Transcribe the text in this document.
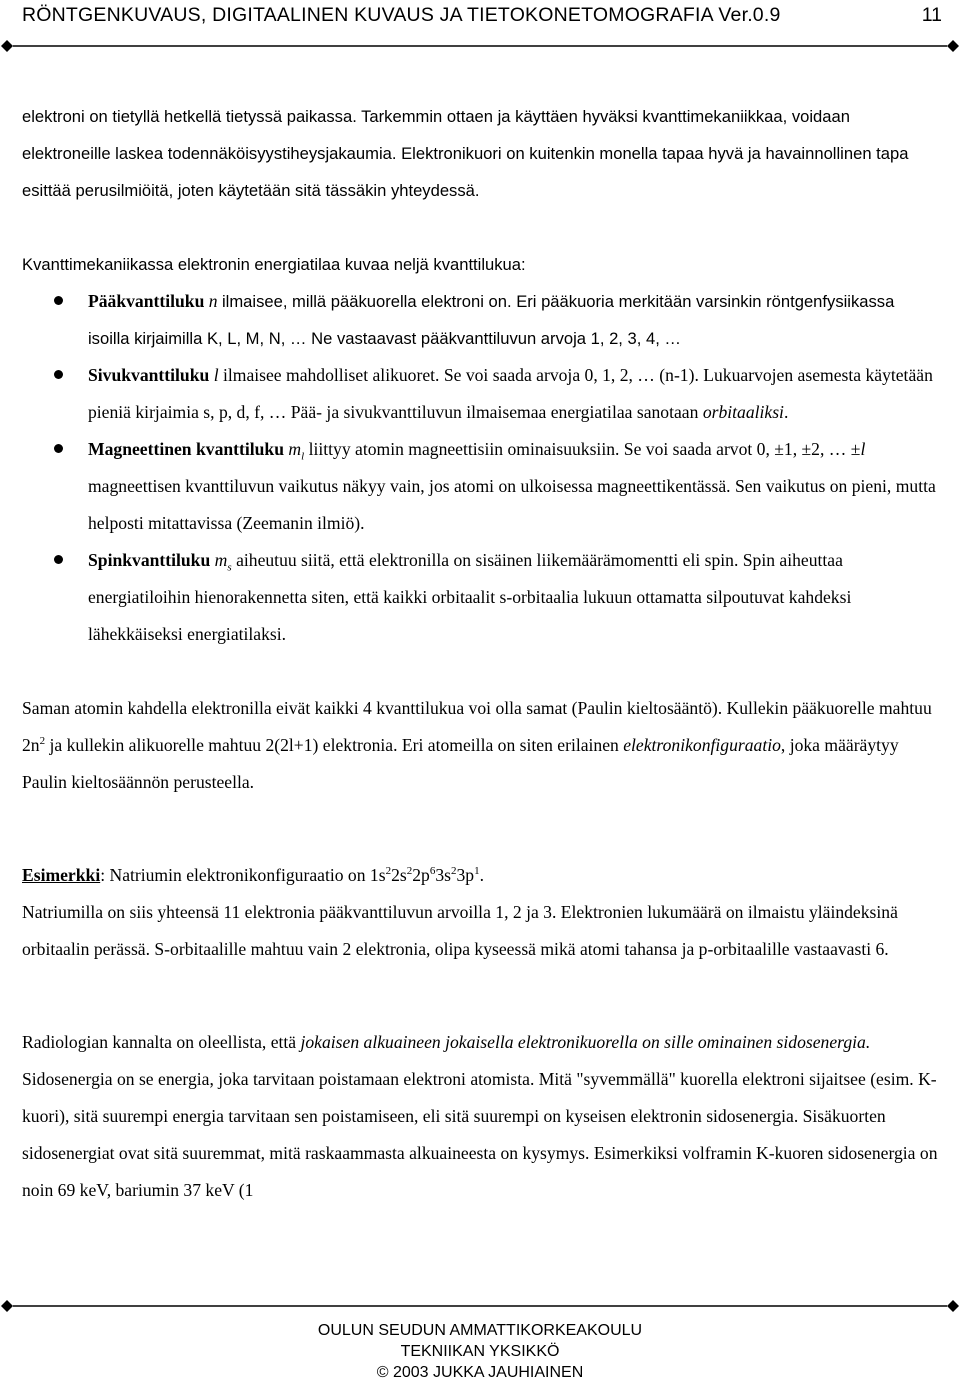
RÖNTGENKUVAUS, DIGITAALINEN KUVAUS JA TIETOKONETOMOGRAFIA Ver.0.9	11

elektroni on tietyllä hetkellä tietyssä paikassa. Tarkemmin ottaen ja käyttäen hyväksi kvanttimekaniikkaa, voidaan elektroneille laskea todennäköisyystiheysjakaumia. Elektronikuori on kuitenkin monella tapaa hyvä ja havainnollinen tapa esittää perusilmiöitä, joten käytetään sitä tässäkin yhteydessä.

Kvanttimekaniikassa elektronin energiatilaa kuvaa neljä kvanttilukua:

Pääkvanttiluku n ilmaisee, millä pääkuorella elektroni on. Eri pääkuoria merkitään varsinkin röntgenfysiikassa isoilla kirjaimilla K, L, M, N, … Ne vastaavast pääkvanttiluvun arvoja 1, 2, 3, 4, …
Sivukvanttiluku l ilmaisee mahdolliset alikuoret. Se voi saada arvoja 0, 1, 2, … (n-1). Lukuarvojen asemesta käytetään pieniä kirjaimia s, p, d, f, … Pää- ja sivukvanttiluvun ilmaisemaa energiatilaa sanotaan orbitaaliksi.
Magneettinen kvanttiluku $m_l$ liittyy atomin magneettisiin ominaisuuksiin. Se voi saada arvot 0, ±1, ±2, … ±l magneettisen kvanttiluvun vaikutus näkyy vain, jos atomi on ulkoisessa magneettikentässä. Sen vaikutus on pieni, mutta helposti mitattavissa (Zeemanin ilmiö).
Spinkvanttiluku $m_s$ aiheutuu siitä, että elektronilla on sisäinen liikemäärämomentti eli spin. Spin aiheuttaa energiatiloihin hienorakennetta siten, että kaikki orbitaalit s-orbitaalia lukuun ottamatta silpoutuvat kahdeksi lähekkäiseksi energiatilaksi.

Saman atomin kahdella elektronilla eivät kaikki 4 kvanttilukua voi olla samat (Paulin kieltosääntö). Kullekin pääkuorelle mahtuu $2n^2$ ja kullekin alikuorelle mahtuu 2(2l+1) elektronia. Eri atomeilla on siten erilainen elektronikonfiguraatio, joka määräytyy Paulin kieltosäännön perusteella.

Esimerkki: Natriumin elektronikonfiguraatio on $1s^22s^22p^63s^23p^1$.

Natriumilla on siis yhteensä 11 elektronia pääkvanttiluvun arvoilla 1, 2 ja 3. Elektronien lukumäärä on ilmaistu yläindeksinä orbitaalin perässä. S-orbitaalille mahtuu vain 2 elektronia, olipa kyseessä mikä atomi tahansa ja p-orbitaalille vastaavasti 6.

Radiologian kannalta on oleellista, että jokaisen alkuaineen jokaisella elektronikuorella on sille ominainen sidosenergia. Sidosenergia on se energia, joka tarvitaan poistamaan elektroni atomista. Mitä "syvemmällä" kuorella elektroni sijaitsee (esim. K-kuori), sitä suurempi energia tarvitaan sen poistamiseen, eli sitä suurempi on kyseisen elektronin sidosenergia. Sisäkuorten sidosenergiat ovat sitä suuremmat, mitä raskaammasta alkuaineesta on kysymys. Esimerkiksi volframin K-kuoren sidosenergia on noin 69 keV, bariumin 37 keV (1

OULUN SEUDUN AMMATTIKORKEAKOULU
TEKNIIKAN YKSIKKÖ
© 2003 JUKKA JAUHIAINEN
